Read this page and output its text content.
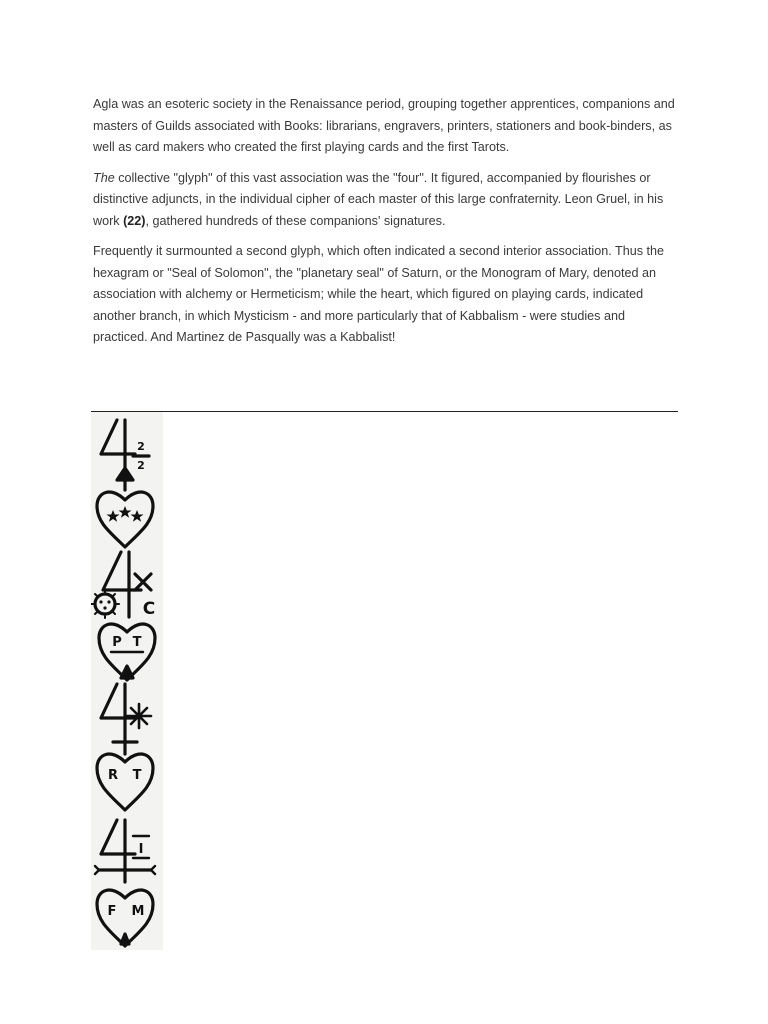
Agla was an esoteric society in the Renaissance period, grouping together apprentices, companions and masters of Guilds associated with Books: librarians, engravers, printers, stationers and book-binders, as well as card makers who created the first playing cards and the first Tarots.

The collective "glyph" of this vast association was the "four". It figured, accompanied by flourishes or distinctive adjuncts, in the individual cipher of each master of this large confraternity. Leon Gruel, in his work (22), gathered hundreds of these companions' signatures.

Frequently it surmounted a second glyph, which often indicated a second interior association. Thus the hexagram or "Seal of Solomon", the "planetary seal" of Saturn, or the Monogram of Mary, denoted an association with alchemy or Hermeticism; while the heart, which figured on playing cards, indicated another branch, in which Mysticism - and more particularly that of Kabbalism - were studies and practiced. And Martinez de Pasqually was a Kabbalist!

2
2
C
P T
R T
I
F M
